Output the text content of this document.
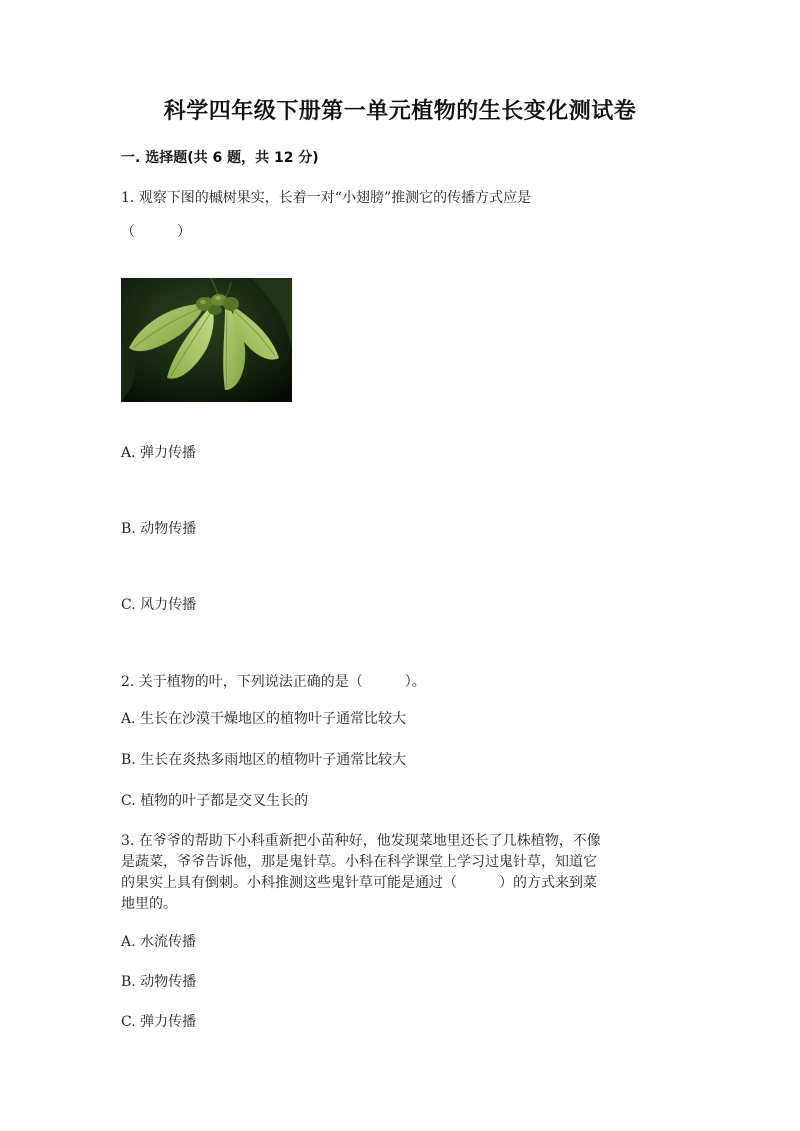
科学四年级下册第一单元植物的生长变化测试卷
一. 选择题(共 6 题，共 12 分)
1. 观察下图的槭树果实，长着一对“小翅膀”推测它的传播方式应是
（　　　）
A. 弹力传播
B. 动物传播
C. 风力传播
2. 关于植物的叶，下列说法正确的是（　　　）。
A. 生长在沙漠干燥地区的植物叶子通常比较大
B. 生长在炎热多雨地区的植物叶子通常比较大
C. 植物的叶子都是交叉生长的
3. 在爷爷的帮助下小科重新把小苗种好，他发现菜地里还长了几株植物，不像
是蔬菜，爷爷告诉他，那是鬼针草。小科在科学课堂上学习过鬼针草，知道它
的果实上具有倒刺。小科推测这些鬼针草可能是通过（　　　）的方式来到菜
地里的。
A. 水流传播
B. 动物传播
C. 弹力传播
